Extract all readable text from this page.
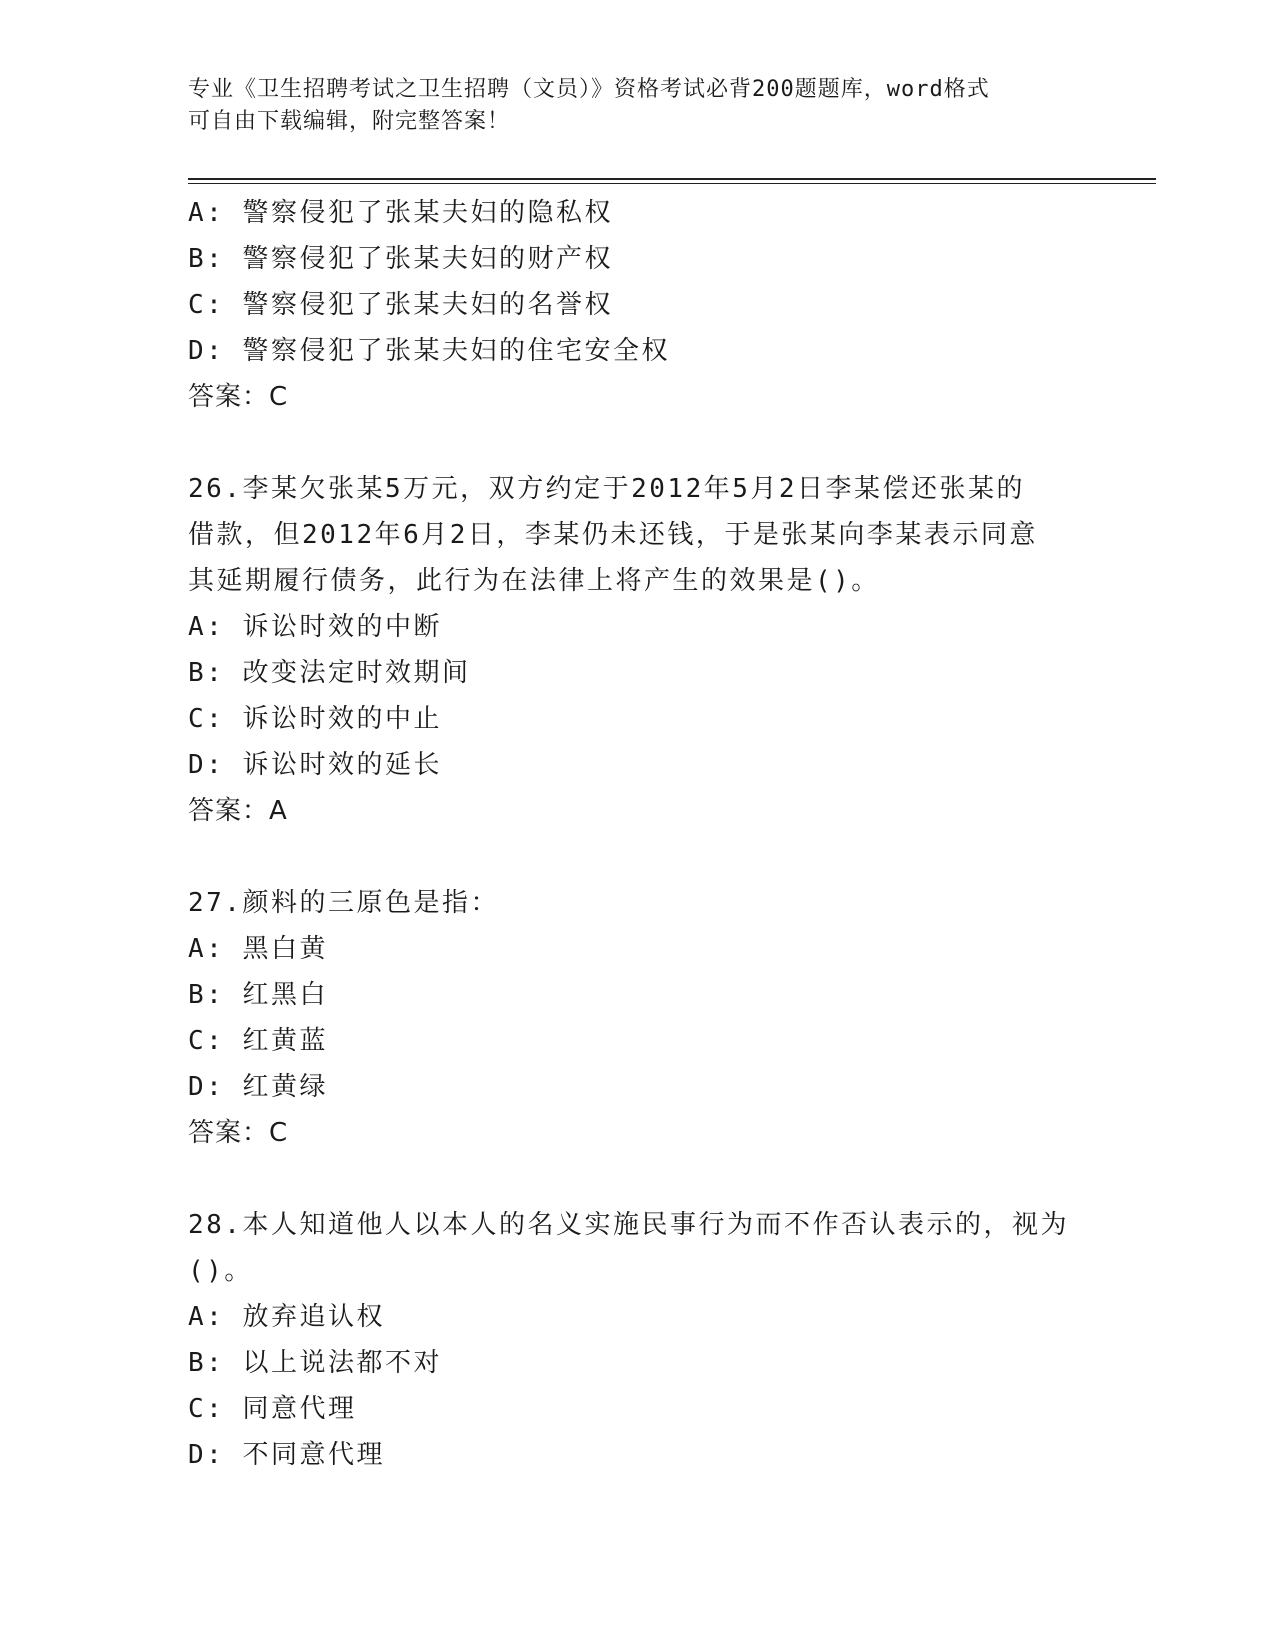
专业《卫生招聘考试之卫生招聘（文员）》资格考试必背200题题库，word格式
可自由下载编辑，附完整答案！
A: 警察侵犯了张某夫妇的隐私权
B: 警察侵犯了张某夫妇的财产权
C: 警察侵犯了张某夫妇的名誉权
D: 警察侵犯了张某夫妇的住宅安全权
答案：C
26.李某欠张某5万元，双方约定于2012年5月2日李某偿还张某的
借款，但2012年6月2日，李某仍未还钱，于是张某向李某表示同意
其延期履行债务，此行为在法律上将产生的效果是()。
A: 诉讼时效的中断
B: 改变法定时效期间
C: 诉讼时效的中止
D: 诉讼时效的延长
答案：A
27.颜料的三原色是指：
A: 黑白黄
B: 红黑白
C: 红黄蓝
D: 红黄绿
答案：C
28.本人知道他人以本人的名义实施民事行为而不作否认表示的，视为
()。
A: 放弃追认权
B: 以上说法都不对
C: 同意代理
D: 不同意代理
